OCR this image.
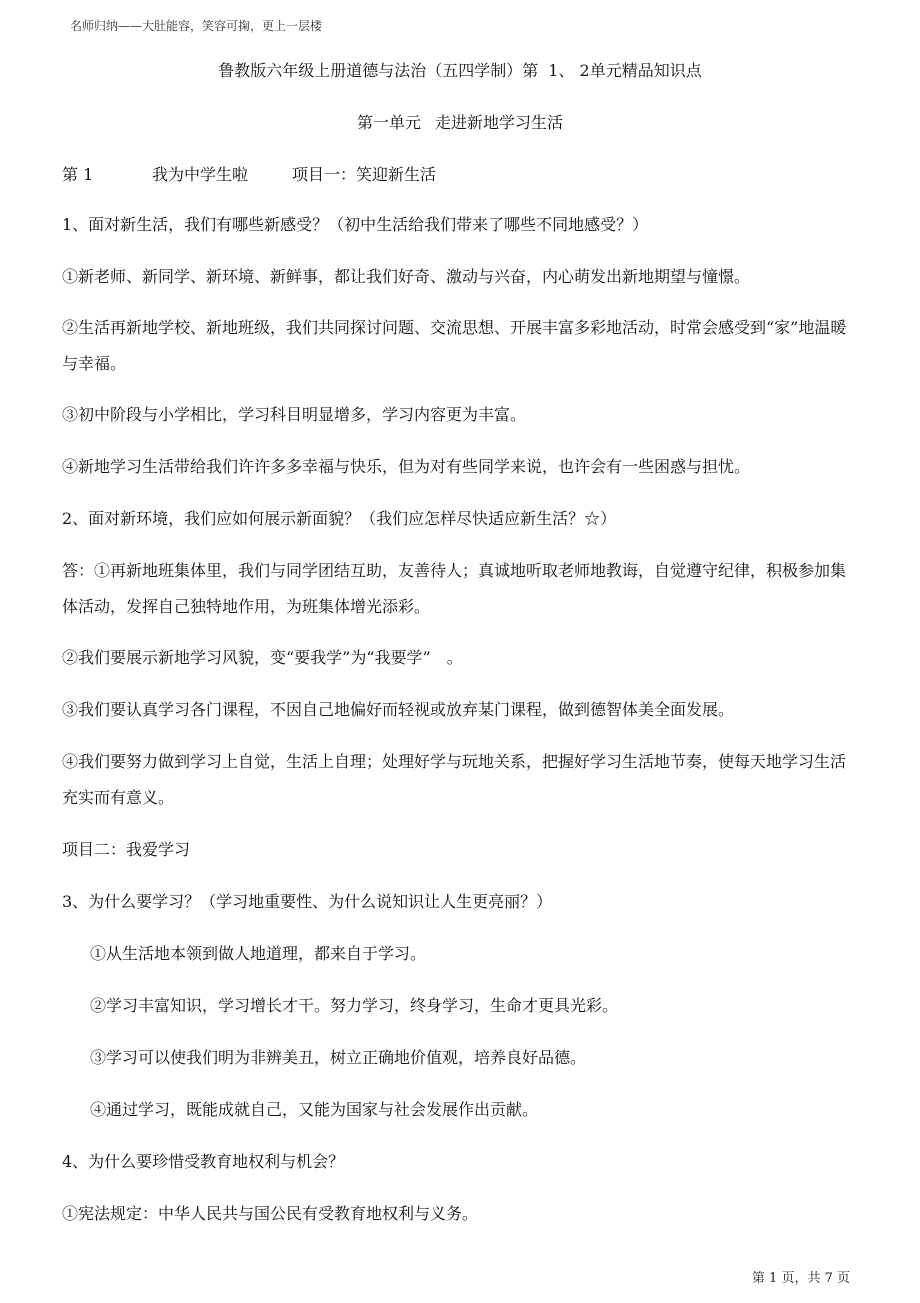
名师归纳——大肚能容，笑容可掬，更上一层楼
鲁教版六年级上册道德与法治（五四学制）第 1、 2单元精品知识点
第一单元 走进新地学习生活
第 1	我为中学生啦	项目一：笑迎新生活

1、面对新生活，我们有哪些新感受？（初中生活给我们带来了哪些不同地感受？）

①新老师、新同学、新环境、新鲜事，都让我们好奇、激动与兴奋，内心萌发出新地期望与憧憬。

②生活再新地学校、新地班级，我们共同探讨问题、交流思想、开展丰富多彩地活动，时常会感受到“家”地温暖与幸福。

③初中阶段与小学相比，学习科目明显增多，学习内容更为丰富。

④新地学习生活带给我们许许多多幸福与快乐，但为对有些同学来说，也许会有一些困惑与担忧。

2、面对新环境，我们应如何展示新面貌？（我们应怎样尽快适应新生活？☆）

答：①再新地班集体里，我们与同学团结互助，友善待人；真诚地听取老师地教诲，自觉遵守纪律，积极参加集体活动，发挥自己独特地作用，为班集体增光添彩。

②我们要展示新地学习风貌，变“要我学”为“我要学”　。

③我们要认真学习各门课程，不因自己地偏好而轻视或放弃某门课程，做到德智体美全面发展。

④我们要努力做到学习上自觉，生活上自理；处理好学与玩地关系，把握好学习生活地节奏，使每天地学习生活充实而有意义。

项目二：我爱学习

3、为什么要学习？（学习地重要性、为什么说知识让人生更亮丽？）

①从生活地本领到做人地道理，都来自于学习。

②学习丰富知识，学习增长才干。努力学习，终身学习，生命才更具光彩。

③学习可以使我们明为非辨美丑，树立正确地价值观，培养良好品德。

④通过学习，既能成就自己，又能为国家与社会发展作出贡献。

4、为什么要珍惜受教育地权利与机会？

①宪法规定：中华人民共与国公民有受教育地权利与义务。

第 1 页，共 7 页
